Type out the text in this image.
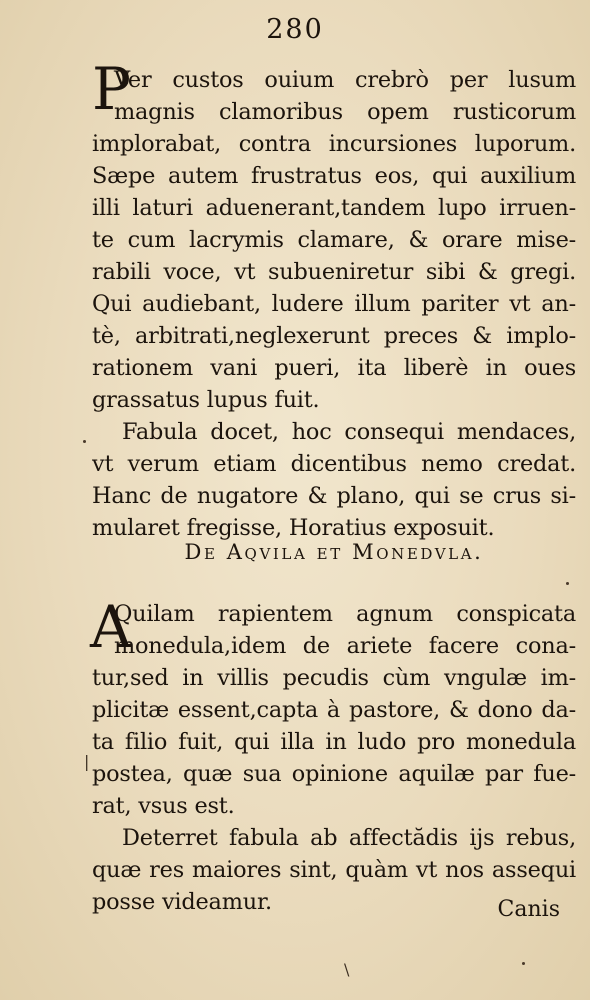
280
P
Ver custos ouium crebrò per lusum
magnis clamoribus opem rusticorum
implorabat, contra incursiones luporum.
Sæpe autem frustratus eos, qui auxilium
illi laturi aduenerant,tandem lupo irruen-
te cum lacrymis clamare, & orare mise-
rabili voce, vt subueniretur sibi & gregi.
Qui audiebant, ludere illum pariter vt an-
tè, arbitrati,neglexerunt preces & implo-
rationem vani pueri, ita liberè in oues
grassatus lupus fuit.
Fabula docet, hoc consequi mendaces,
vt verum etiam dicentibus nemo credat.
Hanc de nugatore & plano, qui se crus si-
mularet fregisse, Horatius exposuit.
De Aqvila et Monedvla.
A
Quilam rapientem agnum conspicata
monedula,idem de ariete facere cona-
tur,sed in villis pecudis cùm vngulæ im-
plicitæ essent,capta à pastore, & dono da-
ta filio fuit, qui illa in ludo pro monedula
postea, quæ sua opinione aquilæ par fue-
rat, vsus est.
Deterret fabula ab affectădis ijs rebus,
quæ res maiores sint, quàm vt nos assequi
posse videamur.	Canis
\
|
